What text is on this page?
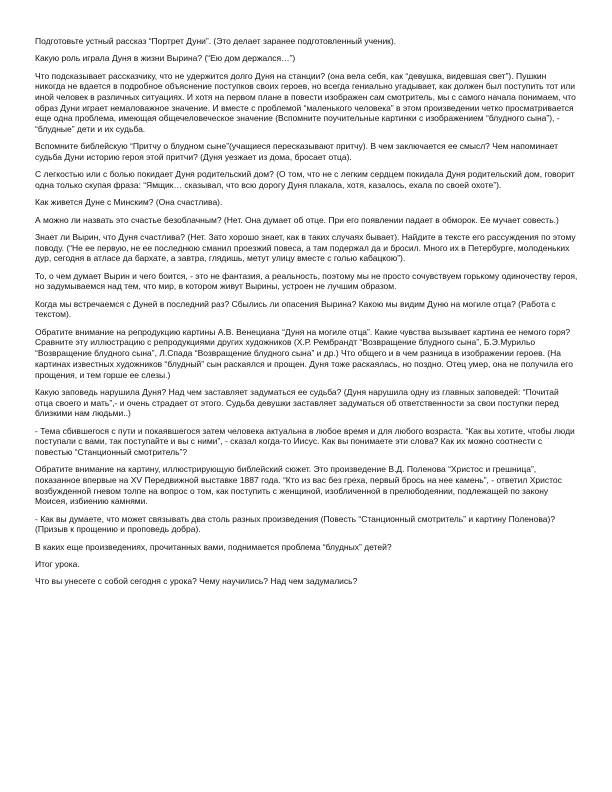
Подготовьте устный рассказ “Портрет Дуни”. (Это делает заранее подготовленный ученик).

Какую роль играла Дуня в жизни Вырина? (“Ею дом держался…”)

Что подсказывает рассказчику, что не удержится долго Дуня на станции? (она вела себя, как “девушка, видевшая свет”). Пушкин никогда не вдается в подробное объяснение поступков своих героев, но всегда гениально угадывает, как должен был поступить тот или иной человек в различных ситуациях. И хотя на первом плане в повести изображен сам смотритель, мы с самого начала понимаем, что образ Дуни играет немаловажное значение. И вместе с проблемой “маленького человека” в этом произведении четко просматривается еще одна проблема, имеющая общечеловеческое значение (Вспомните поучительные картинки с изображением “блудного сына”), - “блудные” дети и их судьба.

Вспомните библейскую “Притчу о блудном сыне”(учащиеся пересказывают притчу). В чем заключается ее смысл? Чем напоминает судьба Дуни историю героя этой притчи? (Дуня уезжает из дома, бросает отца).

С легкостью или с болью покидает Дуня родительский дом? (О том, что не с легким сердцем покидала Дуня родительский дом, говорит одна только скупая фраза: “Ямщик… сказывал, что всю дорогу Дуня плакала, хотя, казалось, ехала по своей охоте”).

Как живется Дуне с Минским? (Она счастлива).

А можно ли назвать это счастье безоблачным? (Нет. Она думает об отце. При его появлении падает в обморок. Ее мучает совесть.)

Знает ли Вырин, что Дуня счастлива? (Нет. Зато хорошо знает, как в таких случаях бывает). Найдите в тексте его рассуждения по этому поводу. (“Не ее первую, не ее последнюю сманил проезжий повеса, а там подержал да и бросил. Много их в Петербурге, молоденьких дур, сегодня в атласе да бархате, а завтра, глядишь, метут улицу вместе с голью кабацкою”).

То, о чем думает Вырин и чего боится, - это не фантазия, а реальность, поэтому мы не просто сочувствуем горькому одиночеству героя, но задумываемся над тем, что мир, в котором живут Вырины, устроен не лучшим образом.

Когда мы встречаемся с Дуней в последний раз? Сбылись ли опасения Вырина? Какою мы видим Дуню на могиле отца? (Работа с текстом).

Обратите внимание на репродукцию картины А.В. Венециана “Дуня на могиле отца”. Какие чувства вызывает картина ее немого горя? Сравните эту иллюстрацию с репродукциями других художников (Х.Р. Рембрандт “Возвращение блудного сына”, Б.Э.Мурильо “Возвращение блудного сына”, Л.Спада “Возвращение блудного сына” и др.) Что общего и в чем разница в изображении героев. (На картинах известных художников “блудный” сын раскаялся и прощен. Дуня тоже раскаялась, но поздно. Отец умер, она не получила его прощения, и тем горше ее слезы.)

Какую заповедь нарушила Дуня? Над чем заставляет задуматься ее судьба? (Дуня нарушила одну из главных заповедей: “Почитай отца своего и мать”,- и очень страдает от этого. Судьба девушки заставляет задуматься об ответственности за свои поступки перед близкими нам людьми..)

- Тема сбившегося с пути и покаявшегося затем человека актуальна в любое время и для любого возраста. “Как вы хотите, чтобы люди поступали с вами, так поступайте и вы с ними”, - сказал когда-то Иисус. Как вы понимаете эти слова? Как их можно соотнести с повестью “Станционный смотритель”?

Обратите внимание на картину, иллюстрирующую библейский сюжет. Это произведение В.Д. Поленова “Христос и грешница”, показанное впервые на XV Передвижной выставке 1887 года. “Кто из вас без греха, первый брось на нее камень”, - ответил Христос возбужденной гневом толпе на вопрос о том, как поступить с женщиной, изобличенной в прелюбодеянии, подлежащей по закону Моисея, избиению камнями.

- Как вы думаете, что может связывать два столь разных произведения (Повесть “Станционный смотритель” и картину Поленова)? (Призыв к прощению и проповедь добра).

В каких еще произведениях, прочитанных вами, поднимается проблема “блудных” детей?

Итог урока.

Что вы унесете с собой сегодня с урока? Чему научились? Над чем задумались?
